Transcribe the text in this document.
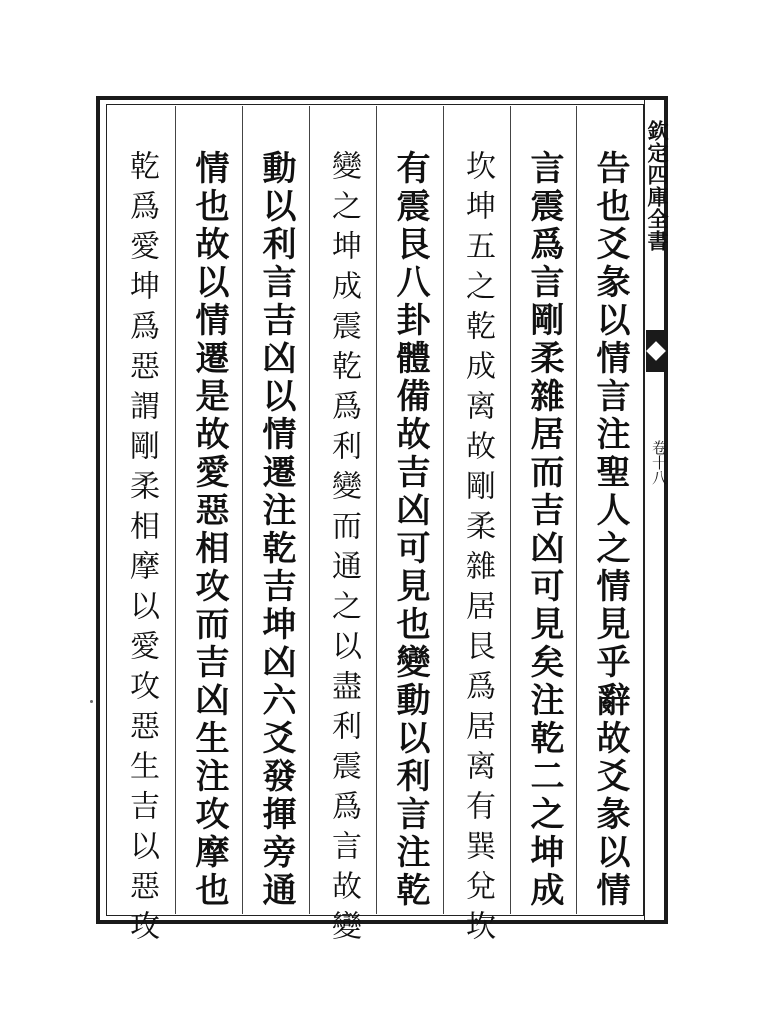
欽定四庫全書
卷十八
告也爻彖以情言注聖人之情見乎辭故爻彖以情
言震爲言剛柔雜居而吉凶可見矣注乾二之坤成
坎坤五之乾成离故剛柔雜居艮爲居离有巽兌坎
有震艮八卦體備故吉凶可見也變動以利言注乾
變之坤成震乾爲利變而通之以盡利震爲言故變
動以利言吉凶以情遷注乾吉坤凶六爻發揮旁通
情也故以情遷是故愛惡相攻而吉凶生注攻摩也
乾爲愛坤爲惡謂剛柔相摩以愛攻惡生吉以惡攻
